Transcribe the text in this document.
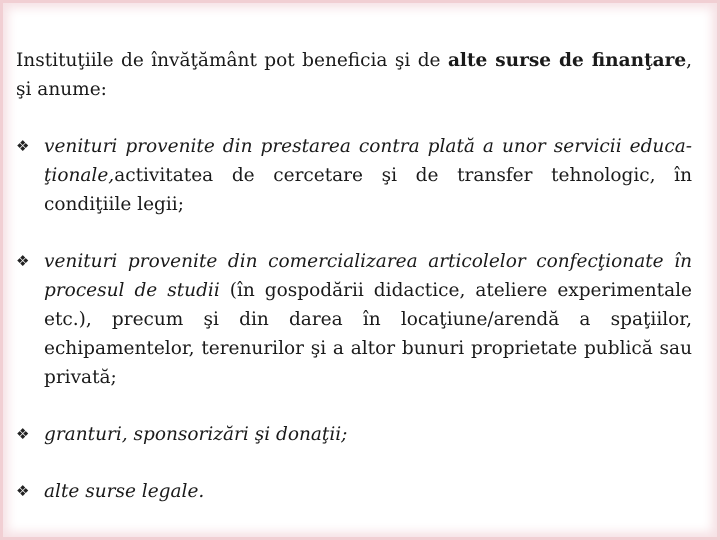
Instituţiile de învăţământ pot beneficia şi de alte surse de finanţare, şi anume:

❖ venituri provenite din prestarea contra plată a unor servicii educa-ţionale,activitatea de cercetare şi de transfer tehnologic, în condiţiile legii;
❖ venituri provenite din comercializarea articolelor confecţionate în procesul de studii (în gospodării didactice, ateliere experimentale etc.), precum şi din darea în locaţiune/arendă a spaţiilor, echipamentelor, terenurilor şi a altor bunuri proprietate publică sau privată;
❖ granturi, sponsorizări şi donaţii;
❖ alte surse legale.
